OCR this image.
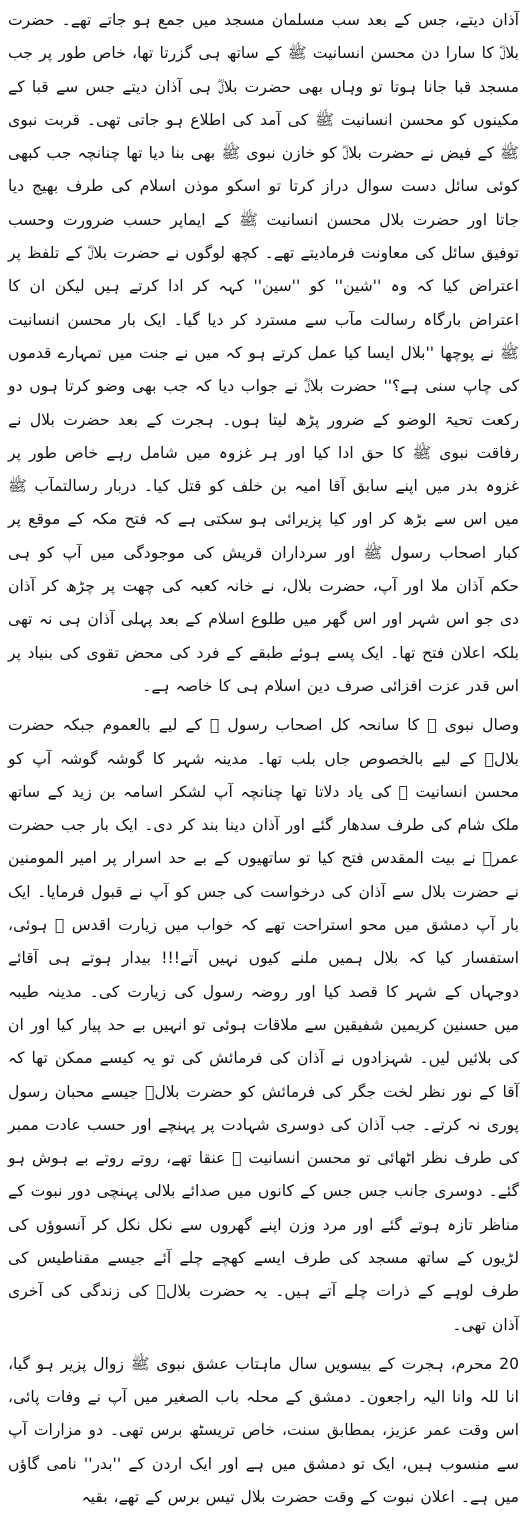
آذان دیتے، جس کے بعد سب مسلمان مسجد میں جمع ہو جاتے تھے۔ حضرت بلالؓ کا سارا دن محسن انسانیت ﷺ کے ساتھ ہی گزرتا تھا، خاص طور پر جب مسجد قبا جانا ہوتا تو وہاں بھی حضرت بلالؓ ہی آذان دیتے جس سے قبا کے مکینوں کو محسن انسانیت ﷺ کی آمد کی اطلاع ہو جاتی تھی۔ قربت نبوی ﷺ کے فیض نے حضرت بلالؓ کو خازن نبوی ﷺ بھی بنا دیا تھا چنانچہ جب کبھی کوئی سائل دست سوال دراز کرتا تو اسکو موذن اسلام کی طرف بھیج دیا جاتا اور حضرت بلال محسن انسانیت ﷺ کے ایماپر حسب ضرورت وحسب توفیق سائل کی معاونت فرمادیتے تھے۔ کچھ لوگوں نے حضرت بلالؓ کے تلفظ پر اعتراض کیا کہ وہ ''شین'' کو ''سین'' کہہ کر ادا کرتے ہیں لیکن ان کا اعتراض بارگاہ رسالت مآب سے مسترد کر دیا گیا۔ ایک بار محسن انسانیت ﷺ نے پوچھا ''بلال ایسا کیا عمل کرتے ہو کہ میں نے جنت میں تمہارے قدموں کی چاپ سنی ہے؟'' حضرت بلالؓ نے جواب دیا کہ جب بھی وضو کرتا ہوں دو رکعت تحیۃ الوضو کے ضرور پڑھ لیتا ہوں۔ ہجرت کے بعد حضرت بلال نے رفاقت نبوی ﷺ کا حق ادا کیا اور ہر غزوہ میں شامل رہے خاص طور پر غزوہ بدر میں اپنے سابق آقا امیہ بن خلف کو قتل کیا۔ دربار رسالتمآب ﷺ میں اس سے بڑھ کر اور کیا پزیرائی ہو سکتی ہے کہ فتح مکہ کے موقع پر کبار اصحاب رسول ﷺ اور سرداران قریش کی موجودگی میں آپ کو ہی حکم آذان ملا اور آپ، حضرت بلال، نے خانہ کعبہ کی چھت پر چڑھ کر آذان دی جو اس شہر اور اس گھر میں طلوع اسلام کے بعد پہلی آذان ہی نہ تھی بلکہ اعلان فتح تھا۔ ایک پسے ہوئے طبقے کے فرد کی محض تقوی کی بنیاد پر اس قدر عزت افزائی صرف دین اسلام ہی کا خاصہ ہے۔

وصال نبوی ﷺ کا سانحہ کل اصحاب رسول ﷺ کے لیے بالعموم جبکہ حضرت بلالؓ کے لیے بالخصوص جاں بلب تھا۔ مدینہ شہر کا گوشہ گوشہ آپ کو محسن انسانیت ﷺ کی یاد دلاتا تھا چنانچہ آپ لشکر اسامہ بن زید کے ساتھ ملک شام کی طرف سدھار گئے اور آذان دینا بند کر دی۔ ایک بار جب حضرت عمرؓ نے بیت المقدس فتح کیا تو ساتھیوں کے بے حد اسرار پر امیر المومنین نے حضرت بلال سے آذان کی درخواست کی جس کو آپ نے قبول فرمایا۔ ایک بار آپ دمشق میں محو استراحت تھے کہ خواب میں زیارت اقدس ﷺ ہوئی، استفسار کیا کہ بلال ہمیں ملنے کیوں نہیں آتے!!! بیدار ہوتے ہی آقائے دوجہاں کے شہر کا قصد کیا اور روضہ رسول کی زیارت کی۔ مدینہ طیبہ میں حسنین کریمین شفیقین سے ملاقات ہوئی تو انہیں بے حد پیار کیا اور ان کی بلائیں لیں۔ شہزادوں نے آذان کی فرمائش کی تو یہ کیسے ممکن تھا کہ آقا کے نور نظر لخت جگر کی فرمائش کو حضرت بلالؓ جیسے محبان رسول پوری نہ کرتے۔ جب آذان کی دوسری شہادت پر پہنچے اور حسب عادت ممبر کی طرف نظر اٹھائی تو محسن انسانیت ﷺ عنقا تھے، روتے روتے بے ہوش ہو گئے۔ دوسری جانب جس جس کے کانوں میں صدائے بلالی پہنچی دور نبوت کے مناظر تازہ ہوتے گئے اور مرد وزن اپنے گھروں سے نکل نکل کر آنسوؤں کی لڑیوں کے ساتھ مسجد کی طرف ایسے کھچے چلے آئے جیسے مقناطیس کی طرف لوہے کے ذرات چلے آتے ہیں۔ یہ حضرت بلالؓ کی زندگی کی آخری آذان تھی۔

20 محرم، ہجرت کے بیسویں سال ماہتاب عشق نبوی ﷺ زوال پزیر ہو گیا، انا للہ وانا الیہ راجعون۔ دمشق کے محلہ باب الصغیر میں آپ نے وفات پائی، اس وقت عمر عزیز، بمطابق سنت، خاص تریسٹھ برس تھی۔ دو مزارات آپ سے منسوب ہیں، ایک تو دمشق میں ہے اور ایک اردن کے ''بدر'' نامی گاؤں میں ہے۔ اعلان نبوت کے وقت حضرت بلال تیس برس کے تھے، بقیہ
